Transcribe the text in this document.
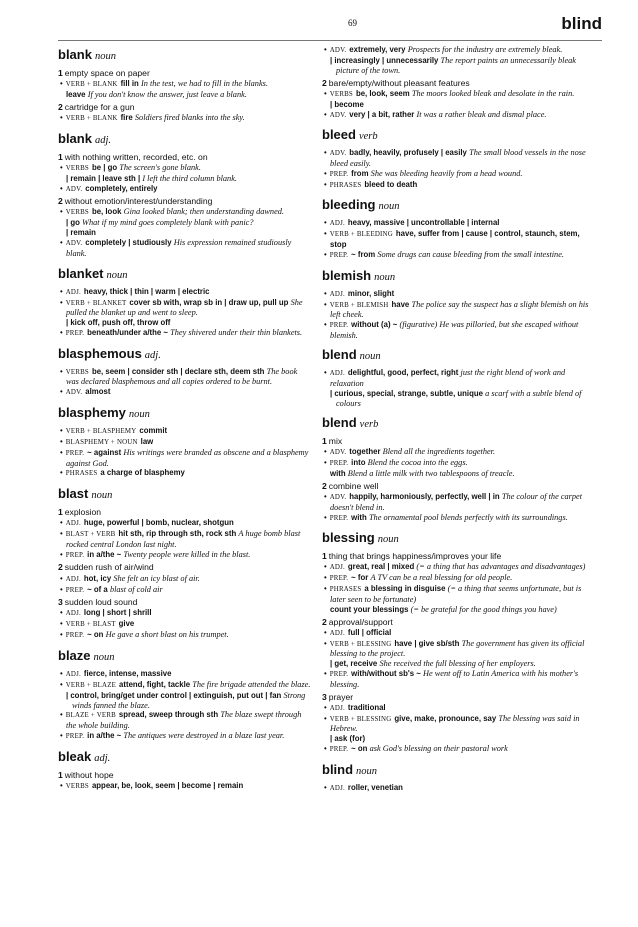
69	blind
blank noun
1 empty space on paper
• VERB + BLANK fill in In the test, we had to fill in the blanks.
leave If you don't know the answer, just leave a blank.
2 cartridge for a gun
• VERB + BLANK fire Soldiers fired blanks into the sky.
blank adj.
1 with nothing written, recorded, etc. on
• VERBS be | go The screen's gone blank.
| remain | leave sth | I left the third column blank.
• ADV. completely, entirely
2 without emotion/interest/understanding
• VERBS be, look Gina looked blank; then understanding dawned.
| go What if my mind goes completely blank with panic?
| remain
• ADV. completely | studiously His expression remained studiously blank.
blanket noun
• ADJ. heavy, thick | thin | warm | electric
• VERB + BLANKET cover sb with, wrap sb in | draw up, pull up She pulled the blanket up and went to sleep.
| kick off, push off, throw off
• PREP. beneath/under a/the ~ They shivered under their thin blankets.
blasphemous adj.
• VERBS be, seem | consider sth | declare sth, deem sth The book was declared blasphemous and all copies ordered to be burnt.
• ADV. almost
blasphemy noun
• VERB + BLASPHEMY commit
• BLASPHEMY + NOUN law
• PREP. ~ against His writings were branded as obscene and a blasphemy against God.
• PHRASES a charge of blasphemy
blast noun
1 explosion
• ADJ. huge, powerful | bomb, nuclear, shotgun
• BLAST + VERB hit sth, rip through sth, rock sth A huge bomb blast rocked central London last night.
• PREP. in a/the ~ Twenty people were killed in the blast.
2 sudden rush of air/wind
• ADJ. hot, icy She felt an icy blast of air.
• PREP. ~ of a blast of cold air
3 sudden loud sound
• ADJ. long | short | shrill
• VERB + BLAST give
• PREP. ~ on He gave a short blast on his trumpet.
blaze noun
• ADJ. fierce, intense, massive
• VERB + BLAZE attend, fight, tackle The fire brigade attended the blaze.
| control, bring/get under control | extinguish, put out | fan Strong winds fanned the blaze.
• BLAZE + VERB spread, sweep through sth The blaze swept through the whole building.
• PREP. in a/the ~ The antiques were destroyed in a blaze last year.
bleak adj.
1 without hope
• VERBS appear, be, look, seem | become | remain
• ADV. extremely, very Prospects for the industry are extremely bleak.
| increasingly | unnecessarily The report paints an unnecessarily bleak picture of the town.
2 bare/empty/without pleasant features
• VERBS be, look, seem The moors looked bleak and desolate in the rain.
| become
• ADV. very | a bit, rather It was a rather bleak and dismal place.
bleed verb
• ADV. badly, heavily, profusely | easily The small blood vessels in the nose bleed easily.
• PREP. from She was bleeding heavily from a head wound.
• PHRASES bleed to death
bleeding noun
• ADJ. heavy, massive | uncontrollable | internal
• VERB + BLEEDING have, suffer from | cause | control, staunch, stem, stop
• PREP. ~ from Some drugs can cause bleeding from the small intestine.
blemish noun
• ADJ. minor, slight
• VERB + BLEMISH have The police say the suspect has a slight blemish on his left cheek.
• PREP. without (a) ~ (figurative) He was pilloried, but she escaped without blemish.
blend noun
• ADJ. delightful, good, perfect, right just the right blend of work and relaxation
| curious, special, strange, subtle, unique a scarf with a subtle blend of colours
blend verb
1 mix
• ADV. together Blend all the ingredients together.
• PREP. into Blend the cocoa into the eggs.
with Blend a little milk with two tablespoons of treacle.
2 combine well
• ADV. happily, harmoniously, perfectly, well | in The colour of the carpet doesn't blend in.
• PREP. with The ornamental pool blends perfectly with its surroundings.
blessing noun
1 thing that brings happiness/improves your life
• ADJ. great, real | mixed (= a thing that has advantages and disadvantages)
• PREP. ~ for A TV can be a real blessing for old people.
• PHRASES a blessing in disguise (= a thing that seems unfortunate, but is later seen to be fortunate)
count your blessings (= be grateful for the good things you have)
2 approval/support
• ADJ. full | official
• VERB + BLESSING have | give sb/sth The government has given its official blessing to the project.
| get, receive She received the full blessing of her employers.
• PREP. with/without sb's ~ He went off to Latin America with his mother's blessing.
3 prayer
• ADJ. traditional
• VERB + BLESSING give, make, pronounce, say The blessing was said in Hebrew.
| ask (for)
• PREP. ~ on ask God's blessing on their pastoral work
blind noun
• ADJ. roller, venetian
